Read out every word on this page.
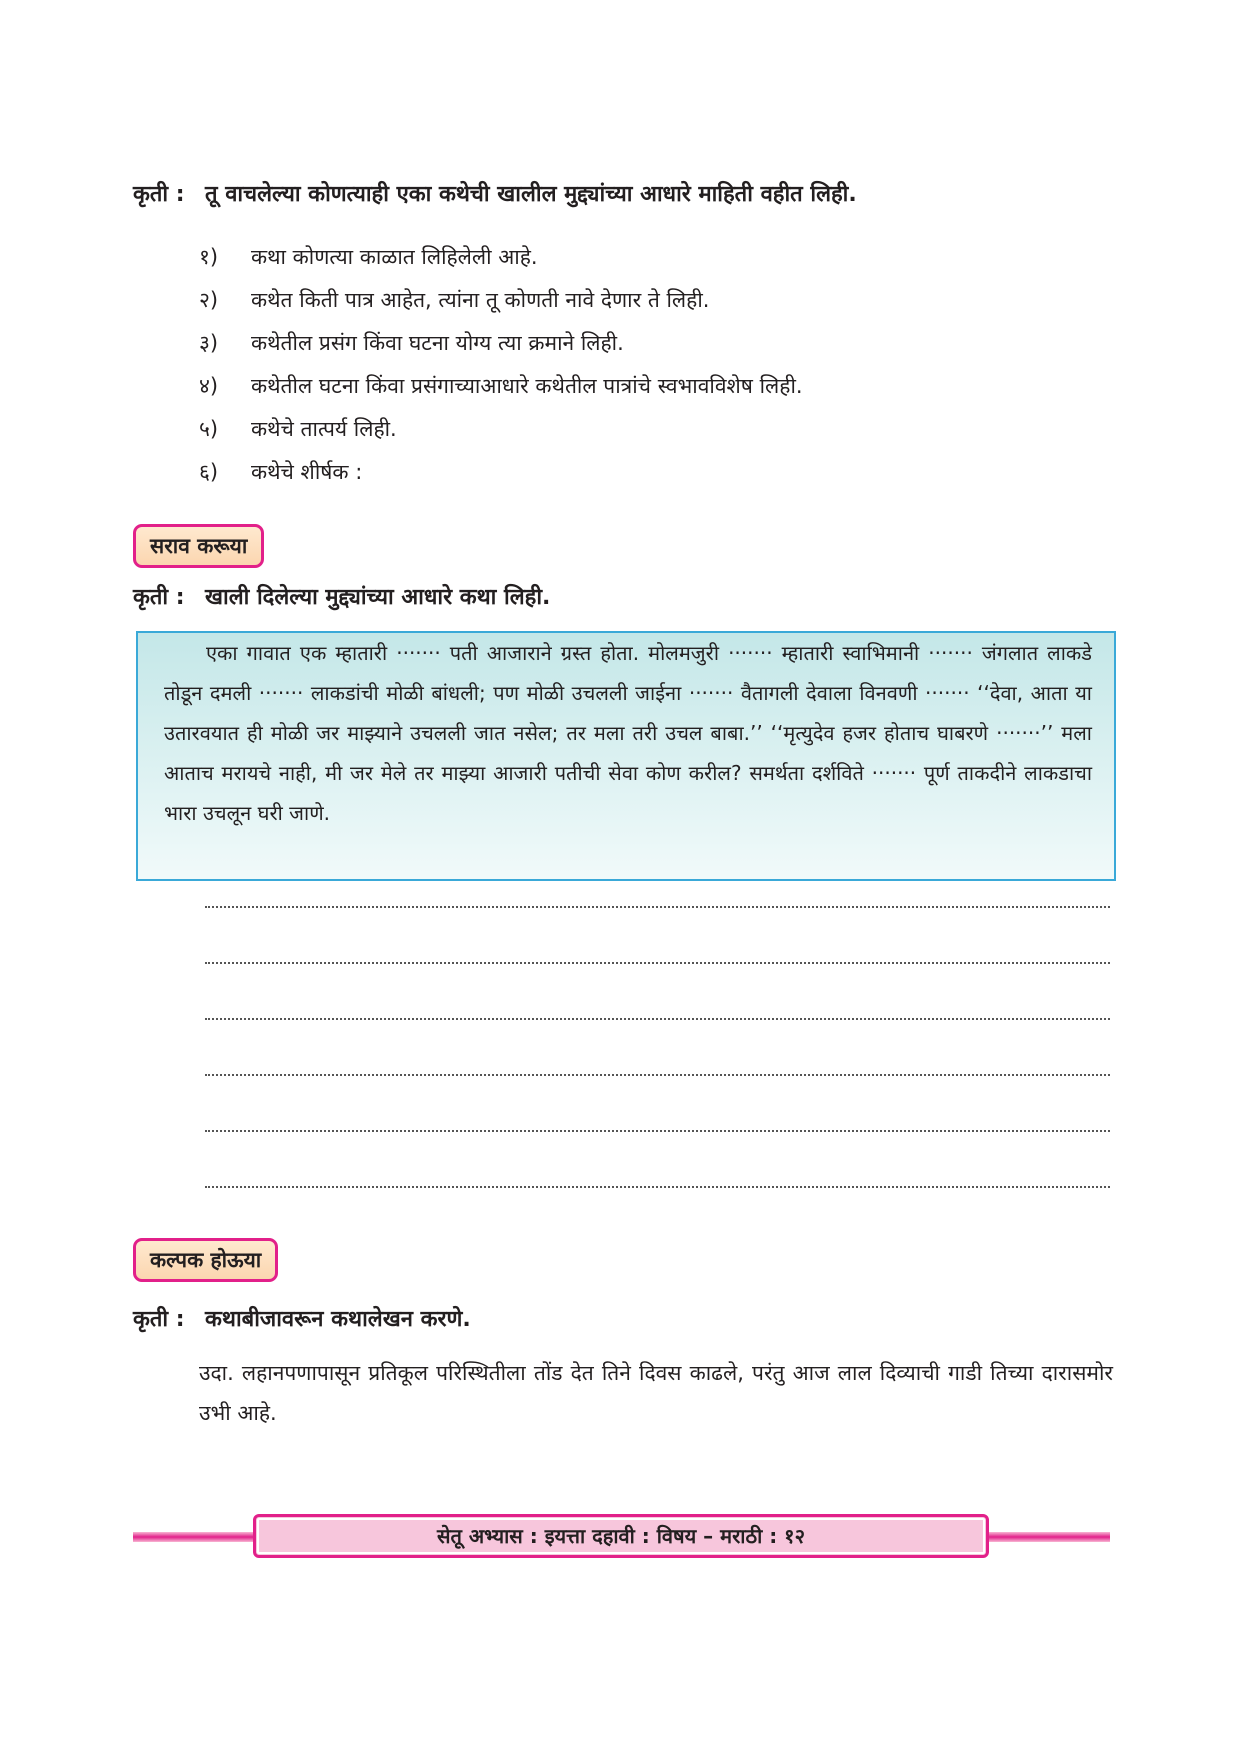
कृती : तू वाचलेल्या कोणत्याही एका कथेची खालील मुद्द्यांच्या आधारे माहिती वहीत लिही.
१) कथा कोणत्या काळात लिहिलेली आहे.
२) कथेत किती पात्र आहेत, त्यांना तू कोणती नावे देणार ते लिही.
३) कथेतील प्रसंग किंवा घटना योग्य त्या क्रमाने लिही.
४) कथेतील घटना किंवा प्रसंगाच्याआधारे कथेतील पात्रांचे स्वभावविशेष लिही.
५) कथेचे तात्पर्य लिही.
६) कथेचे शीर्षक :
सराव करूया
कृती : खाली दिलेल्या मुद्द्यांच्या आधारे कथा लिही.

एका गावात एक म्हातारी ······· पती आजाराने ग्रस्त होता. मोलमजुरी ······· म्हातारी स्वाभिमानी ······· जंगलात लाकडे तोडून दमली ······· लाकडांची मोळी बांधली; पण मोळी उचलली जाईना ······· वैतागली देवाला विनवणी ······· ‘‘देवा, आता या उतारवयात ही मोळी जर माझ्याने उचलली जात नसेल; तर मला तरी उचल बाबा.’’ ‘‘मृत्युदेव हजर होताच घाबरणे ·······’’ मला आताच मरायचे नाही, मी जर मेले तर माझ्या आजारी पतीची सेवा कोण करील? समर्थता दर्शविते ······· पूर्ण ताकदीने लाकडाचा भारा उचलून घरी जाणे.

कल्पक होऊया
कृती : कथाबीजावरून कथालेखन करणे.

उदा. लहानपणापासून प्रतिकूल परिस्थितीला तोंड देत तिने दिवस काढले, परंतु आज लाल दिव्याची गाडी तिच्या दारासमोर उभी आहे.

सेतू अभ्यास : इयत्ता दहावी : विषय – मराठी : १२
